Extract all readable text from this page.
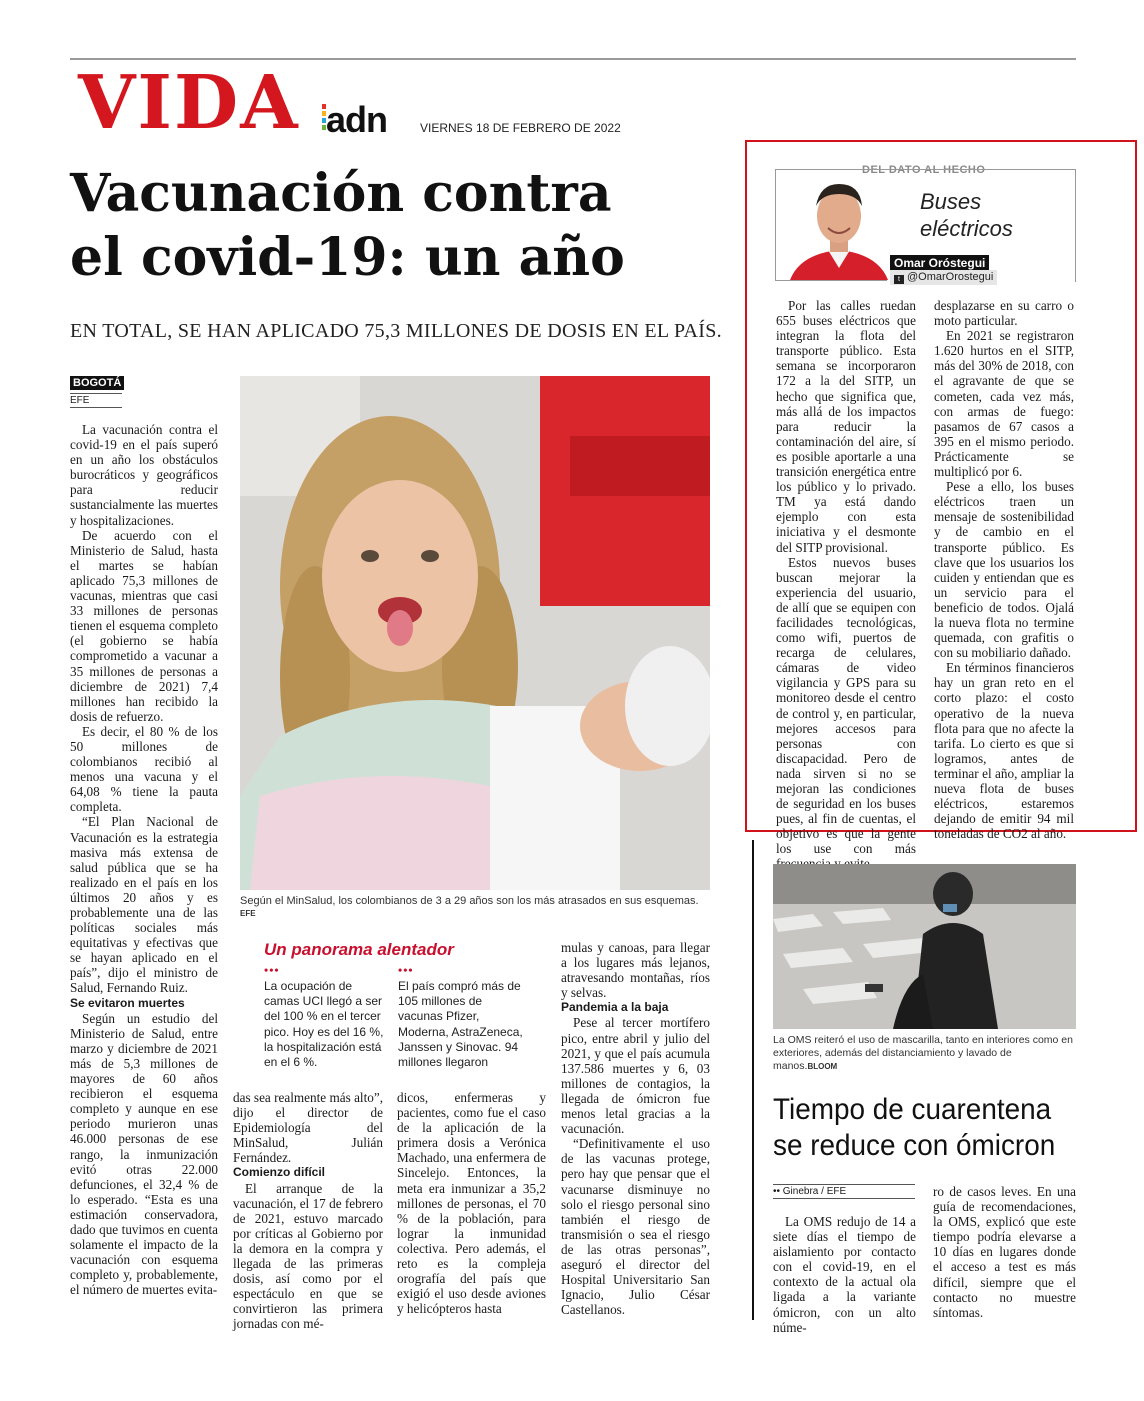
VIDA adn	VIERNES 18 DE FEBRERO DE 2022
Vacunación contra
el covid-19: un año
EN TOTAL, SE HAN APLICADO 75,3 MILLONES DE DOSIS EN EL PAÍS.
BOGOTÁ
EFE

La vacunación contra el covid-19 en el país superó en un año los obstáculos burocráticos y geográficos para reducir sustancialmente las muertes y hospitalizaciones.

De acuerdo con el Ministerio de Salud, hasta el martes se habían aplicado 75,3 millones de vacunas, mientras que casi 33 millones de personas tienen el esquema completo (el gobierno se había comprometido a vacunar a 35 millones de personas a diciembre de 2021) 7,4 millones han recibido la dosis de refuerzo.

Es decir, el 80 % de los 50 millones de colombianos recibió al menos una vacuna y el 64,08 % tiene la pauta completa.

“El Plan Nacional de Vacunación es la estrategia masiva más extensa de salud pública que se ha realizado en el país en los últimos 20 años y es probablemente una de las políticas sociales más equitativas y efectivas que se hayan aplicado en el país”, dijo el ministro de Salud, Fernando Ruiz.

Se evitaron muertes

Según un estudio del Ministerio de Salud, entre marzo y diciembre de 2021 más de 5,3 millones de mayores de 60 años recibieron el esquema completo y aunque en ese periodo murieron unas 46.000 personas de ese rango, la inmunización evitó otras 22.000 defunciones, el 32,4 % de lo esperado. “Esta es una estimación conservadora, dado que tuvimos en cuenta solamente el impacto de la vacunación con esquema completo y, probablemente, el número de muertes evita-

Según el MinSalud, los colombianos de 3 a 29 años son los más atrasados en sus esquemas. EFE
Un panorama alentador
•••
La ocupación de camas UCI llegó a ser del 100 % en el tercer pico. Hoy es del 16 %, la hospitalización está en el 6 %.
•••
El país compró más de 105 millones de vacunas Pfizer, Moderna, AstraZeneca, Janssen y Sinovac. 94 millones llegaron

das sea realmente más alto”, dijo el director de Epidemiología del MinSalud, Julián Fernández.

Comienzo difícil

El arranque de la vacunación, el 17 de febrero de 2021, estuvo marcado por críticas al Gobierno por la demora en la compra y llegada de las primeras dosis, así como por el espectáculo en que se convirtieron las primera jornadas con mé-

dicos, enfermeras y pacientes, como fue el caso de la aplicación de la primera dosis a Verónica Machado, una enfermera de Sincelejo. Entonces, la meta era inmunizar a 35,2 millones de personas, el 70 % de la población, para lograr la inmunidad colectiva. Pero además, el reto es la compleja orografía del país que exigió el uso desde aviones y helicópteros hasta

mulas y canoas, para llegar a los lugares más lejanos, atravesando montañas, ríos y selvas.

Pandemia a la baja

Pese al tercer mortífero pico, entre abril y julio del 2021, y que el país acumula 137.586 muertes y 6, 03 millones de contagios, la llegada de ómicron fue menos letal gracias a la vacunación.

“Definitivamente el uso de las vacunas protege, pero hay que pensar que el vacunarse disminuye no solo el riesgo personal sino también el riesgo de transmisión o sea el riesgo de las otras personas”, aseguró el director del Hospital Universitario San Ignacio, Julio César Castellanos.

DEL DATO AL HECHO
Buses
eléctricos
Omar Oróstegui
t @OmarOrostegui

Por las calles ruedan 655 buses eléctricos que integran la flota del transporte público. Esta semana se incorporaron 172 a la del SITP, un hecho que significa que, más allá de los impactos para reducir la contaminación del aire, sí es posible aportarle a una transición energética entre los público y lo privado. TM ya está dando ejemplo con esta iniciativa y el desmonte del SITP provisional.

Estos nuevos buses buscan mejorar la experiencia del usuario, de allí que se equipen con facilidades tecnológicas, como wifi, puertos de recarga de celulares, cámaras de video vigilancia y GPS para su monitoreo desde el centro de control y, en particular, mejores accesos para personas con discapacidad. Pero de nada sirven si no se mejoran las condiciones de seguridad en los buses pues, al fin de cuentas, el objetivo es que la gente los use con más

desplazarse en su carro o moto particular.

En 2021 se registraron 1.620 hurtos en el SITP, más del 30% de 2018, con el agravante de que se cometen, cada vez más, con armas de fuego: pasamos de 67 casos a 395 en el mismo periodo. Prácticamente se multiplicó por 6.

Pese a ello, los buses eléctricos traen un mensaje de sostenibilidad y de cambio en el transporte público. Es clave que los usuarios los cuiden y entiendan que es un servicio para el beneficio de todos. Ojalá la nueva flota no termine quemada, con grafitis o con su mobiliario dañado.

En términos financieros hay un gran reto en el corto plazo: el costo operativo de la nueva flota para que no afecte la tarifa. Lo cierto es que si logramos, antes de terminar el año, ampliar la nueva flota de buses eléctricos, estaremos dejando de emitir 94 mil toneladas de CO2 al año.

La OMS reiteró el uso de mascarilla, tanto en interiores como en exteriores, además del distanciamiento y lavado de manos.BLOOM
Tiempo de cuarentena
se reduce con ómicron
•• Ginebra / EFE

La OMS redujo de 14 a siete días el tiempo de aislamiento por contacto con el covid-19, en el contexto de la actual ola ligada a la variante ómicron, con un alto núme-

ro de casos leves. En una guía de recomendaciones, la OMS, explicó que este tiempo podría elevarse a 10 días en lugares donde el acceso a test es más difícil, siempre que el contacto no muestre síntomas.
